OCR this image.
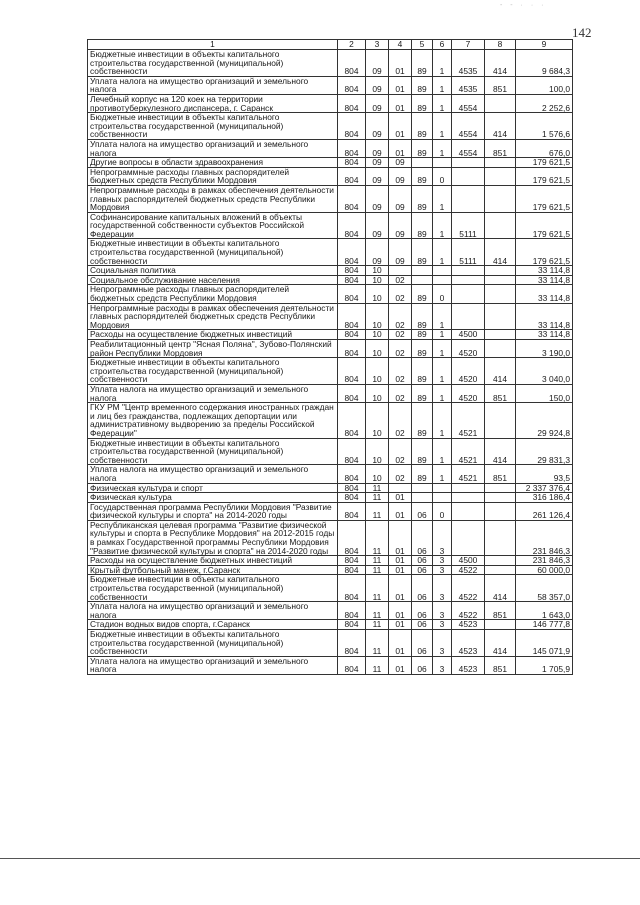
- - · · ·
142
1	2	3	4	5	6	7	8	9
Бюджетные инвестиции в объекты капитального строительства государственной (муниципальной) собственности	804	09	01	89	1	4535	414	9 684,3
Уплата налога на имущество организаций и земельного налога	804	09	01	89	1	4535	851	100,0
Лечебный корпус на 120 коек на территории противотуберкулезного диспансера, г. Саранск	804	09	01	89	1	4554		2 252,6
Бюджетные инвестиции в объекты капитального строительства государственной (муниципальной) собственности	804	09	01	89	1	4554	414	1 576,6
Уплата налога на имущество организаций и земельного налога	804	09	01	89	1	4554	851	676,0
Другие вопросы в области здравоохранения	804	09	09					179 621,5
Непрограммные расходы главных распорядителей бюджетных средств Республики Мордовия	804	09	09	89	0			179 621,5
Непрограммные расходы в рамках обеспечения деятельности главных распорядителей бюджетных средств Республики Мордовия	804	09	09	89	1			179 621,5
Софинансирование капитальных вложений в объекты государственной собственности субъектов Российской Федерации	804	09	09	89	1	5111		179 621,5
Бюджетные инвестиции в объекты капитального строительства государственной (муниципальной) собственности	804	09	09	89	1	5111	414	179 621,5
Социальная политика	804	10						33 114,8
Социальное обслуживание населения	804	10	02					33 114,8
Непрограммные расходы главных распорядителей бюджетных средств Республики Мордовия	804	10	02	89	0			33 114,8
Непрограммные расходы в рамках обеспечения деятельности главных распорядителей бюджетных средств Республики Мордовия	804	10	02	89	1			33 114,8
Расходы на осуществление бюджетных инвестиций	804	10	02	89	1	4500		33 114,8
Реабилитационный центр "Ясная Поляна", Зубово-Полянский район Республики Мордовия	804	10	02	89	1	4520		3 190,0
Бюджетные инвестиции в объекты капитального строительства государственной (муниципальной) собственности	804	10	02	89	1	4520	414	3 040,0
Уплата налога на имущество организаций и земельного налога	804	10	02	89	1	4520	851	150,0
ГКУ РМ "Центр временного содержания иностранных граждан и лиц без гражданства, подлежащих депортации или административному выдворению за пределы Российской Федерации"	804	10	02	89	1	4521		29 924,8
Бюджетные инвестиции в объекты капитального строительства государственной (муниципальной) собственности	804	10	02	89	1	4521	414	29 831,3
Уплата налога на имущество организаций и земельного налога	804	10	02	89	1	4521	851	93,5
Физическая культура и спорт	804	11						2 337 376,4
Физическая культура	804	11	01					316 186,4
Государственная программа Республики Мордовия "Развитие физической культуры и спорта" на 2014-2020 годы	804	11	01	06	0			261 126,4
Республиканская целевая программа "Развитие физической культуры и спорта в Республике Мордовия" на 2012-2015 годы в рамках Государственной программы Республики Мордовия "Развитие физической культуры и спорта" на 2014-2020 годы	804	11	01	06	3			231 846,3
Расходы на осуществление бюджетных инвестиций	804	11	01	06	3	4500		231 846,3
Крытый футбольный манеж, г.Саранск	804	11	01	06	3	4522		60 000,0
Бюджетные инвестиции в объекты капитального строительства государственной (муниципальной) собственности	804	11	01	06	3	4522	414	58 357,0
Уплата налога на имущество организаций и земельного налога	804	11	01	06	3	4522	851	1 643,0
Стадион водных видов спорта, г.Саранск	804	11	01	06	3	4523		146 777,8
Бюджетные инвестиции в объекты капитального строительства государственной (муниципальной) собственности	804	11	01	06	3	4523	414	145 071,9
Уплата налога на имущество организаций и земельного налога	804	11	01	06	3	4523	851	1 705,9
